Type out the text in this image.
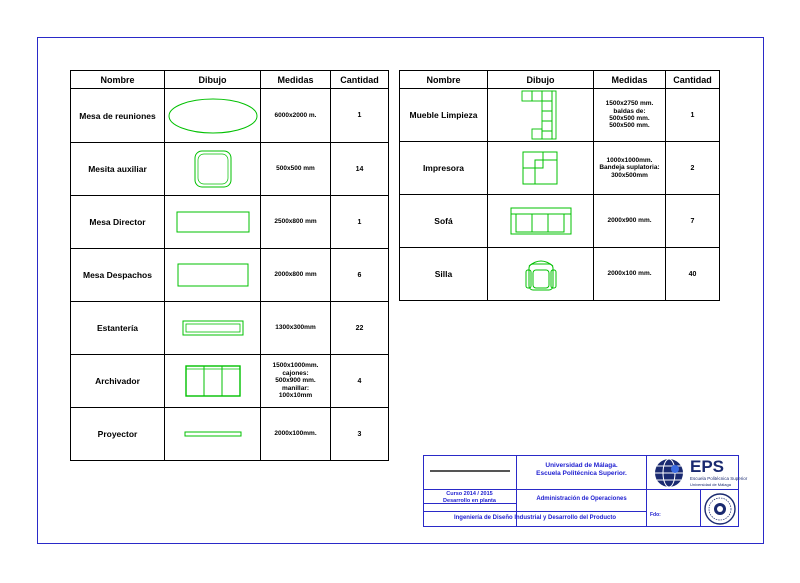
Nombre	Dibujo	Medidas	Cantidad
Mesa de reuniones		6000x2000 m.	1
Mesita auxiliar		500x500 mm	14
Mesa Director		2500x800 mm	1
Mesa Despachos		2000x800 mm	6
Estantería		1300x300mm	22
Archivador		1500x1000mm.
cajones:
500x900 mm.
manillar:
100x10mm	4
Proyector		2000x100mm.	3
Nombre	Dibujo	Medidas	Cantidad
Mueble Limpieza		1500x2750 mm.
baldas de:
500x500 mm.
500x500 mm.	1
Impresora		1000x1000mm.
Bandeja suplatoria:
300x500mm	2
Sofá		2000x900 mm.	7
Silla		2000x100 mm.	40
Universidad de Málaga.
Escuela Politécnica Superior.	EPS
Escuela Politécnica Superior
Universidad de Málaga
Curso 2014 / 2015
Desarrollo en planta	Administración de Operaciones
Ingeniería de Diseño Industrial y Desarrollo del Producto	Fdo:
